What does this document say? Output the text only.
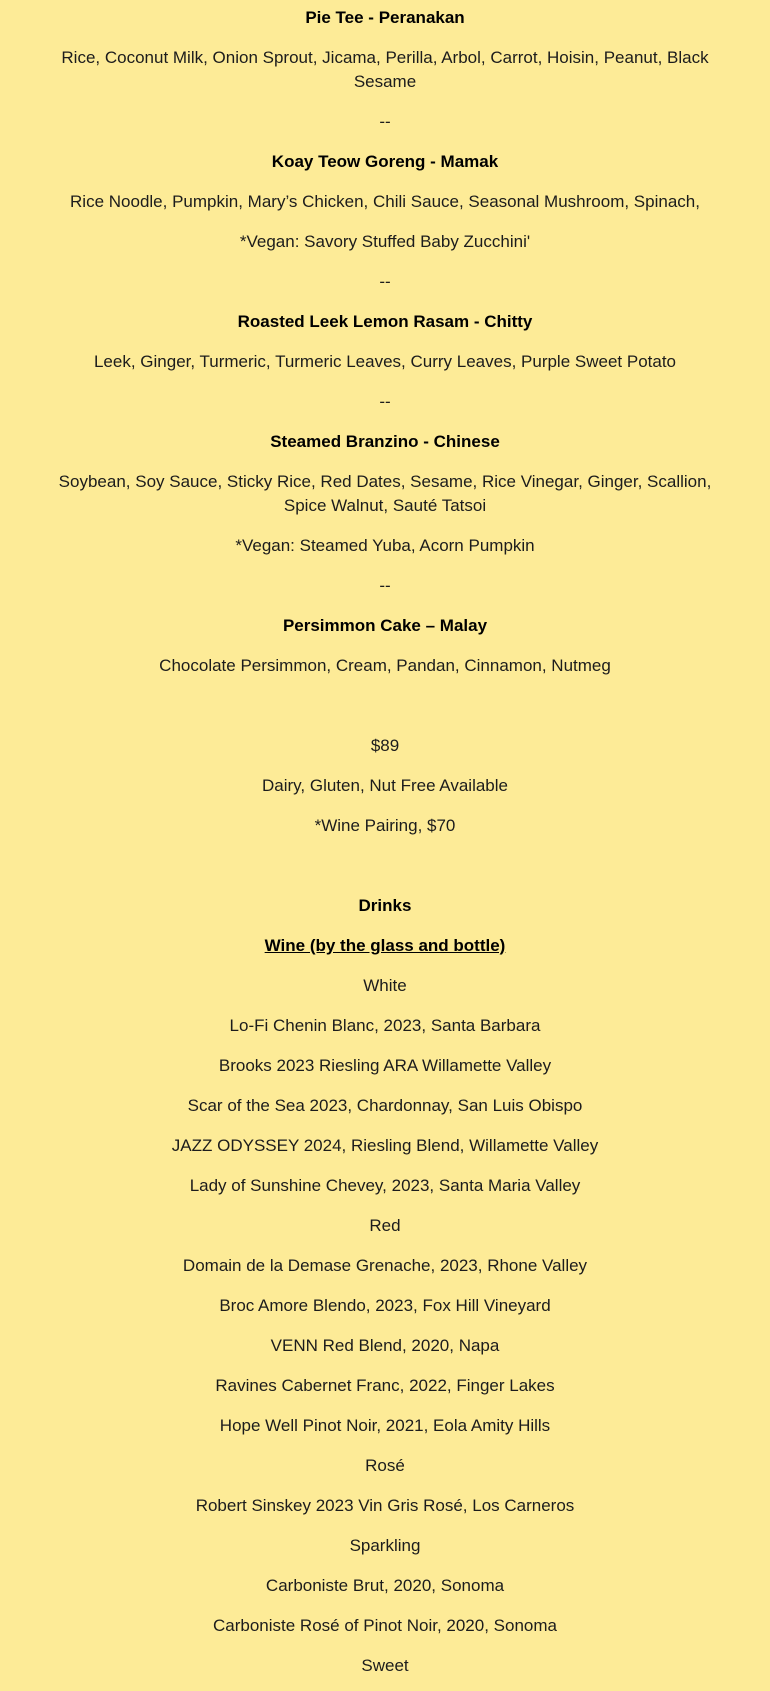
Pie Tee - Peranakan

Rice, Coconut Milk, Onion Sprout, Jicama, Perilla, Arbol, Carrot, Hoisin, Peanut, Black Sesame

--

Koay Teow Goreng - Mamak

Rice Noodle, Pumpkin, Mary’s Chicken, Chili Sauce, Seasonal Mushroom, Spinach,

*Vegan: Savory Stuffed Baby Zucchini'

--

Roasted Leek Lemon Rasam - Chitty

Leek, Ginger, Turmeric, Turmeric Leaves, Curry Leaves, Purple Sweet Potato

--

Steamed Branzino - Chinese

Soybean, Soy Sauce, Sticky Rice, Red Dates, Sesame, Rice Vinegar, Ginger, Scallion, Spice Walnut, Sauté Tatsoi

*Vegan: Steamed Yuba, Acorn Pumpkin

--

Persimmon Cake – Malay

Chocolate Persimmon, Cream, Pandan, Cinnamon, Nutmeg

$89

Dairy, Gluten, Nut Free Available

*Wine Pairing, $70

Drinks

Wine (by the glass and bottle)

White

Lo-Fi Chenin Blanc, 2023, Santa Barbara

Brooks 2023 Riesling ARA Willamette Valley

Scar of the Sea 2023, Chardonnay, San Luis Obispo

JAZZ ODYSSEY 2024, Riesling Blend, Willamette Valley

Lady of Sunshine Chevey, 2023, Santa Maria Valley

Red

Domain de la Demase Grenache, 2023, Rhone Valley

Broc Amore Blendo, 2023, Fox Hill Vineyard

VENN Red Blend, 2020, Napa

Ravines Cabernet Franc, 2022, Finger Lakes

Hope Well Pinot Noir, 2021, Eola Amity Hills

Rosé

Robert Sinskey 2023 Vin Gris Rosé, Los Carneros

Sparkling

Carboniste Brut, 2020, Sonoma

Carboniste Rosé of Pinot Noir, 2020, Sonoma

Sweet
